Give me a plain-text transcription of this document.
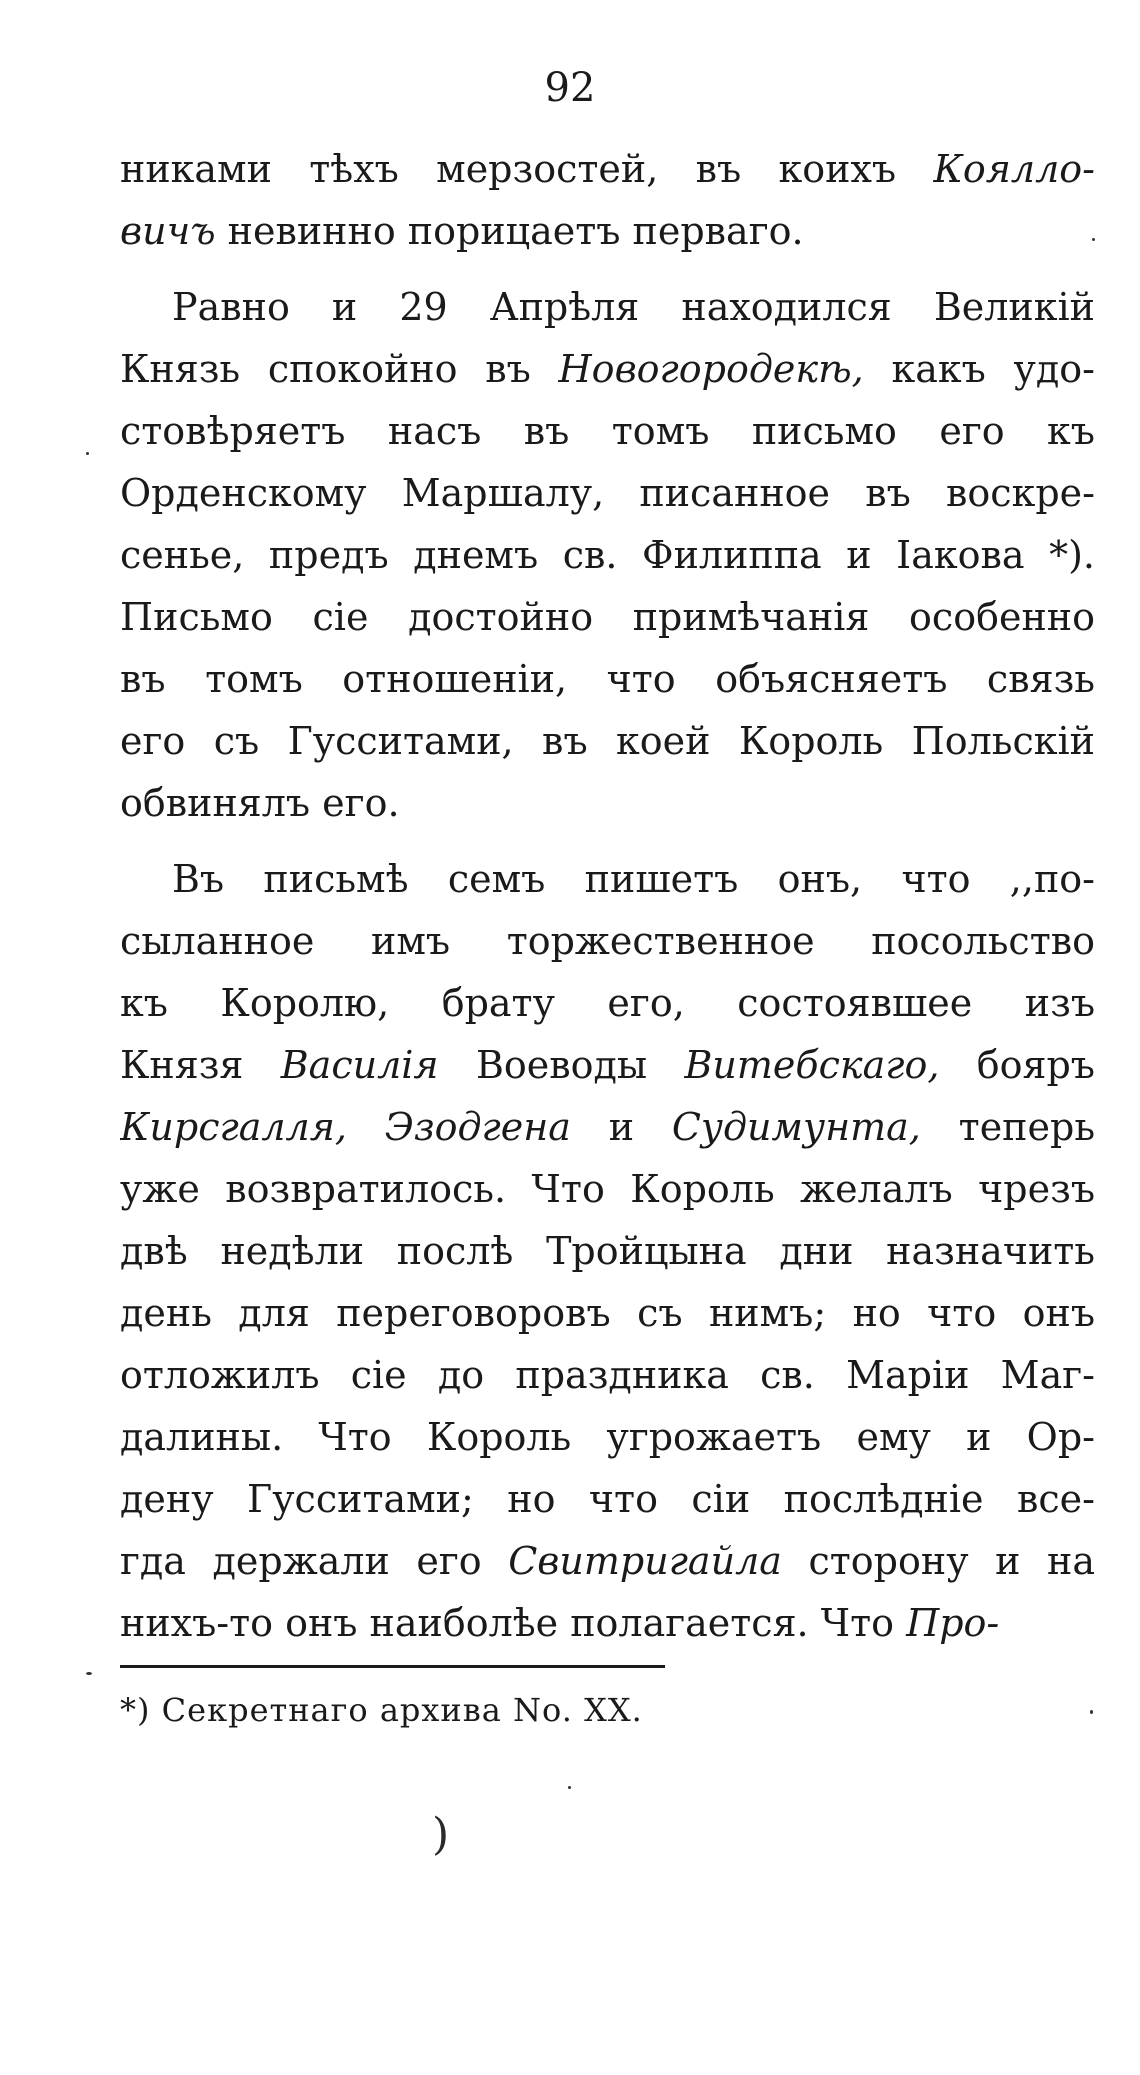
92
никами тѣхъ мерзостей, въ коихъ Коялло-
вичъ невинно порицаетъ перваго.
Равно и 29 Апрѣля находился Великій
Князь спокойно въ Новогородекѣ, какъ удо-
стовѣряетъ насъ въ томъ письмо его къ
Орденскому Маршалу, писанное въ воскре-
сенье, предъ днемъ св. Филиппа и Іакова *).
Письмо сіе достойно примѣчанія особенно
въ томъ отношеніи, что объясняетъ связь
его съ Гусситами, въ коей Король Польскій
обвинялъ его.
Въ письмѣ семъ пишетъ онъ, что ,,по-
сыланное имъ торжественное посольство
къ Королю, брату его, состоявшее изъ
Князя Василія Воеводы Витебскаго, бояръ
Кирсгалля, Эзодгена и Судимунта, теперь
уже возвратилось. Что Король желалъ чрезъ
двѣ недѣли послѣ Тройцына дни назначить
день для переговоровъ съ нимъ; но что онъ
отложилъ сіе до праздника св. Маріи Маг-
далины. Что Король угрожаетъ ему и Ор-
дену Гусситами; но что сіи послѣдніе все-
гда держали его Свитригайла сторону и на
нихъ-то онъ наиболѣе полагается. Что Про-
*) Секретнаго архива No. XX.
)
